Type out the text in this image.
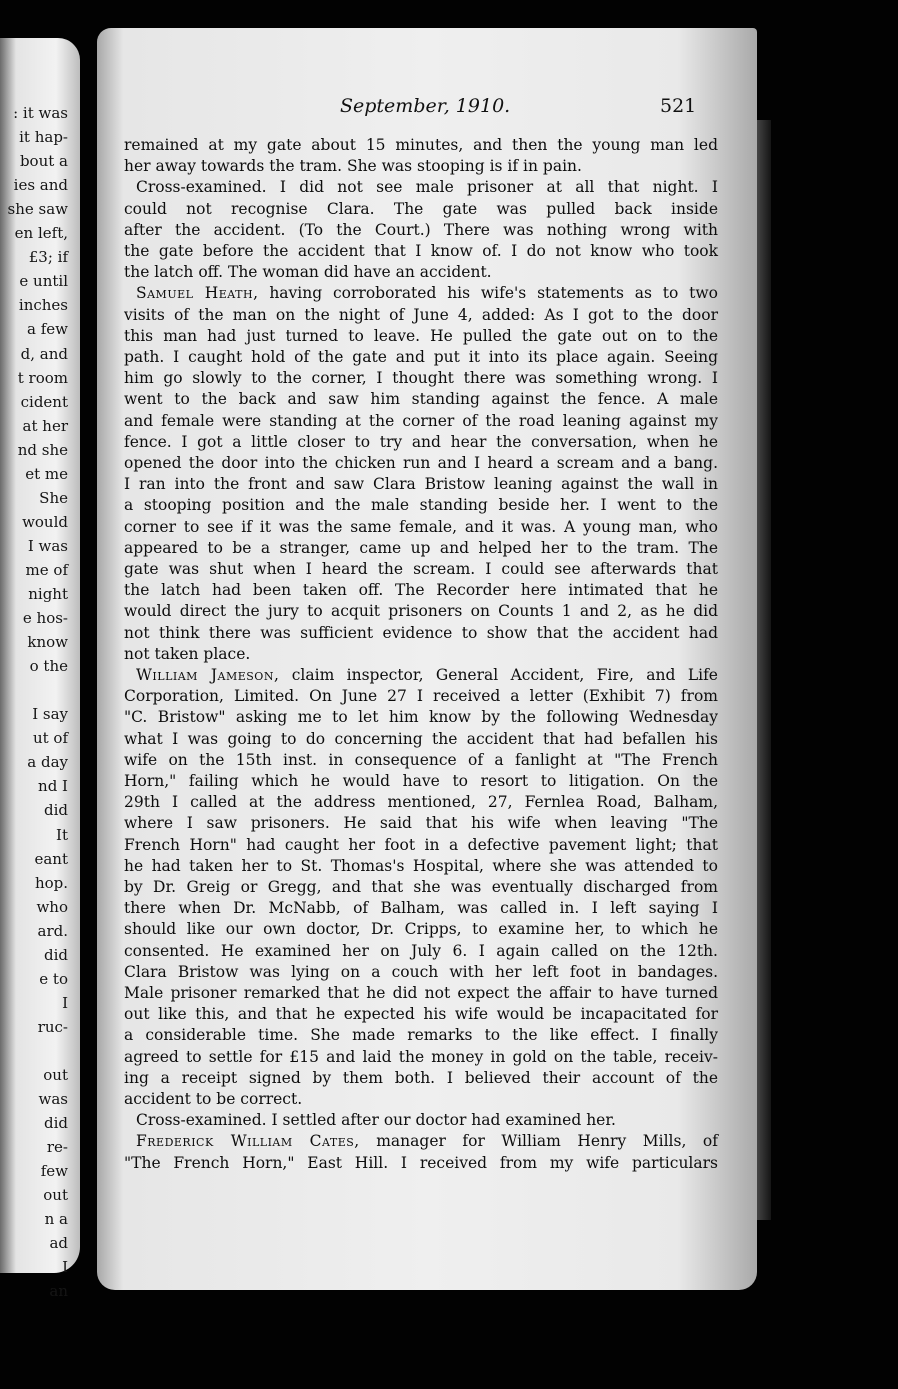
: it was
it hap-
bout a
ies and
she saw
en left,
£3; if
e until
inches
a few
d, and
t room
cident
at her
nd she
et me
She
would
I was
me of
night
e hos-
know
o the
I say
ut of
a day
nd I
did
It
eant
hop.
who
ard.
did
e to
I
ruc-
out
was
did
re-
few
out
n a
ad
I
an
September, 1910.	521
remained at my gate about 15 minutes, and then the young man led
her away towards the tram. She was stooping is if in pain.
Cross-examined. I did not see male prisoner at all that night. I
could not recognise Clara. The gate was pulled back inside
after the accident. (To the Court.) There was nothing wrong with
the gate before the accident that I know of. I do not know who took
the latch off. The woman did have an accident.
Samuel Heath, having corroborated his wife's statements as to two
visits of the man on the night of June 4, added: As I got to the door
this man had just turned to leave. He pulled the gate out on to the
path. I caught hold of the gate and put it into its place again. Seeing
him go slowly to the corner, I thought there was something wrong. I
went to the back and saw him standing against the fence. A male
and female were standing at the corner of the road leaning against my
fence. I got a little closer to try and hear the conversation, when he
opened the door into the chicken run and I heard a scream and a bang.
I ran into the front and saw Clara Bristow leaning against the wall in
a stooping position and the male standing beside her. I went to the
corner to see if it was the same female, and it was. A young man, who
appeared to be a stranger, came up and helped her to the tram. The
gate was shut when I heard the scream. I could see afterwards that
the latch had been taken off. The Recorder here intimated that he
would direct the jury to acquit prisoners on Counts 1 and 2, as he did
not think there was sufficient evidence to show that the accident had
not taken place.
William Jameson, claim inspector, General Accident, Fire, and Life
Corporation, Limited. On June 27 I received a letter (Exhibit 7) from
"C. Bristow" asking me to let him know by the following Wednesday
what I was going to do concerning the accident that had befallen his
wife on the 15th inst. in consequence of a fanlight at "The French
Horn," failing which he would have to resort to litigation. On the
29th I called at the address mentioned, 27, Fernlea Road, Balham,
where I saw prisoners. He said that his wife when leaving "The
French Horn" had caught her foot in a defective pavement light; that
he had taken her to St. Thomas's Hospital, where she was attended to
by Dr. Greig or Gregg, and that she was eventually discharged from
there when Dr. McNabb, of Balham, was called in. I left saying I
should like our own doctor, Dr. Cripps, to examine her, to which he
consented. He examined her on July 6. I again called on the 12th.
Clara Bristow was lying on a couch with her left foot in bandages.
Male prisoner remarked that he did not expect the affair to have turned
out like this, and that he expected his wife would be incapacitated for
a considerable time. She made remarks to the like effect. I finally
agreed to settle for £15 and laid the money in gold on the table, receiv-
ing a receipt signed by them both. I believed their account of the
accident to be correct.
Cross-examined. I settled after our doctor had examined her.
Frederick William Cates, manager for William Henry Mills, of
"The French Horn," East Hill. I received from my wife particulars
